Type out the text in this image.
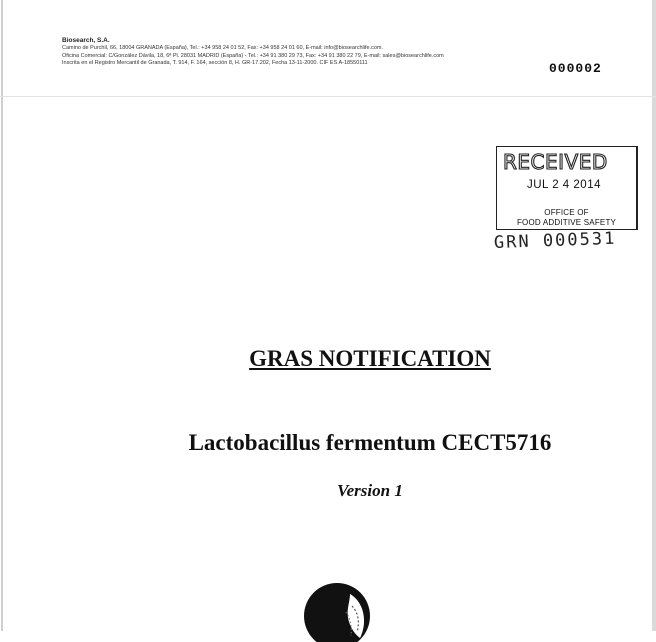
Biosearch, S.A.

Camino de Purchil, 66, 18004 GRANADA (España), Tel.: +34 958 24 01 52, Fax: +34 958 24 01 60, E-mail: info@biosearchlife.com.

Oficina Comercial: C/González Dávila, 18, 6ª Pl. 28031 MADRID (España) - Tel.: +34 91 380 29 73, Fax: +34 91 380 22 79, E-mail: sales@biosearchlife.com

Inscrita en el Registro Mercantil de Granada, T. 914, F. 164, sección 8, H. GR-17.202, Fecha 13-11-2000. CIF ES A-18550111	000002
RECEIVED
JUL 2 4 2014
OFFICE OF
FOOD ADDITIVE SAFETY
GRN 000531
GRAS NOTIFICATION
Lactobacillus fermentum CECT5716
Version 1
